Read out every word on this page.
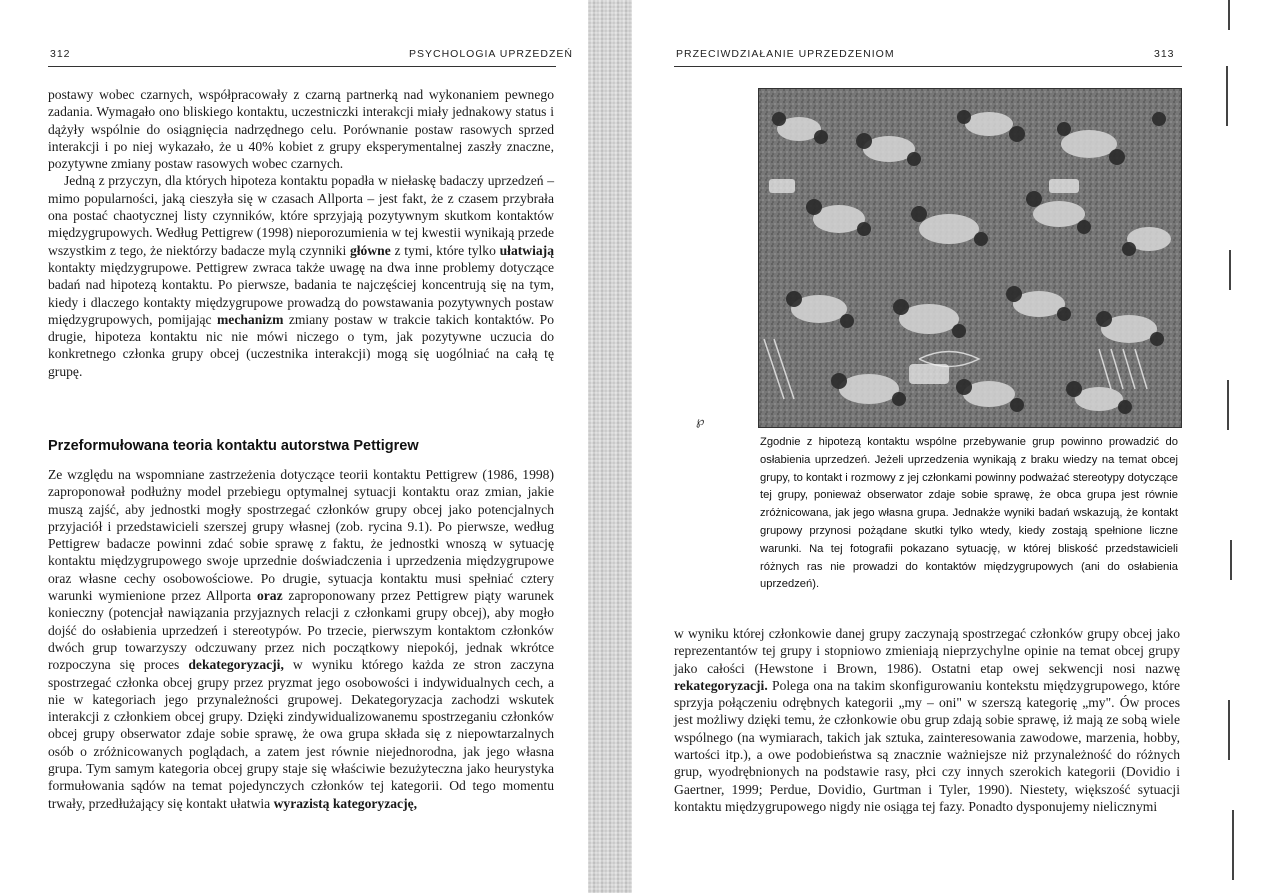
312	PSYCHOLOGIA UPRZEDZEŃ

postawy wobec czarnych, współpracowały z czarną partnerką nad wykonaniem pewnego zadania. Wymagało ono bliskiego kontaktu, uczestniczki interakcji miały jednakowy status i dążyły wspólnie do osiągnięcia nadrzędnego celu. Porównanie postaw rasowych sprzed interakcji i po niej wykazało, że u 40% kobiet z grupy eksperymentalnej zaszły znaczne, pozytywne zmiany postaw rasowych wobec czarnych.

Jedną z przyczyn, dla których hipoteza kontaktu popadła w niełaskę badaczy uprzedzeń – mimo popularności, jaką cieszyła się w czasach Allporta – jest fakt, że z czasem przybrała ona postać chaotycznej listy czynników, które sprzyjają pozytywnym skutkom kontaktów międzygrupowych. Według Pettigrew (1998) nieporozumienia w tej kwestii wynikają przede wszystkim z tego, że niektórzy badacze mylą czynniki główne z tymi, które tylko ułatwiają kontakty międzygrupowe. Pettigrew zwraca także uwagę na dwa inne problemy dotyczące badań nad hipotezą kontaktu. Po pierwsze, badania te najczęściej koncentrują się na tym, kiedy i dlaczego kontakty międzygrupowe prowadzą do powstawania pozytywnych postaw międzygrupowych, pomijając mechanizm zmiany postaw w trakcie takich kontaktów. Po drugie, hipoteza kontaktu nic nie mówi niczego o tym, jak pozytywne uczucia do konkretnego członka grupy obcej (uczestnika interakcji) mogą się uogólniać na całą tę grupę.

Przeformułowana teoria kontaktu autorstwa Pettigrew

Ze względu na wspomniane zastrzeżenia dotyczące teorii kontaktu Pettigrew (1986, 1998) zaproponował podłużny model przebiegu optymalnej sytuacji kontaktu oraz zmian, jakie muszą zajść, aby jednostki mogły spostrzegać członków grupy obcej jako potencjalnych przyjaciół i przedstawicieli szerszej grupy własnej (zob. rycina 9.1). Po pierwsze, według Pettigrew badacze powinni zdać sobie sprawę z faktu, że jednostki wnoszą w sytuację kontaktu międzygrupowego swoje uprzednie doświadczenia i uprzedzenia międzygrupowe oraz własne cechy osobowościowe. Po drugie, sytuacja kontaktu musi spełniać cztery warunki wymienione przez Allporta oraz zaproponowany przez Pettigrew piąty warunek konieczny (potencjał nawiązania przyjaznych relacji z członkami grupy obcej), aby mogło dojść do osłabienia uprzedzeń i stereotypów. Po trzecie, pierwszym kontaktom członków dwóch grup towarzyszy odczuwany przez nich początkowy niepokój, jednak wkrótce rozpoczyna się proces dekategoryzacji, w wyniku którego każda ze stron zaczyna spostrzegać członka obcej grupy przez pryzmat jego osobowości i indywidualnych cech, a nie w kategoriach jego przynależności grupowej. Dekategoryzacja zachodzi wskutek interakcji z członkiem obcej grupy. Dzięki zindywidualizowanemu spostrzeganiu członków obcej grupy obserwator zdaje sobie sprawę, że owa grupa składa się z niepowtarzalnych osób o zróżnicowanych poglądach, a zatem jest równie niejednorodna, jak jego własna grupa. Tym samym kategoria obcej grupy staje się właściwie bezużyteczna jako heurystyka formułowania sądów na temat pojedynczych członków tej kategorii. Od tego momentu trwały, przedłużający się kontakt ułatwia wyrazistą kategoryzację,

PRZECIWDZIAŁANIE UPRZEDZENIOM	313
℘
Zgodnie z hipotezą kontaktu wspólne przebywanie grup powinno prowadzić do osłabienia uprzedzeń. Jeżeli uprzedzenia wynikają z braku wiedzy na temat obcej grupy, to kontakt i rozmowy z jej członkami powinny podważać stereotypy dotyczące tej grupy, ponieważ obserwator zdaje sobie sprawę, że obca grupa jest równie zróżnicowana, jak jego własna grupa. Jednakże wyniki badań wskazują, że kontakt grupowy przynosi pożądane skutki tylko wtedy, kiedy zostają spełnione liczne warunki. Na tej fotografii pokazano sytuację, w której bliskość przedstawicieli różnych ras nie prowadzi do kontaktów międzygrupowych (ani do osłabienia uprzedzeń).

w wyniku której członkowie danej grupy zaczynają spostrzegać członków grupy obcej jako reprezentantów tej grupy i stopniowo zmieniają nieprzychylne opinie na temat obcej grupy jako całości (Hewstone i Brown, 1986). Ostatni etap owej sekwencji nosi nazwę rekategoryzacji. Polega ona na takim skonfigurowaniu kontekstu międzygrupowego, które sprzyja połączeniu odrębnych kategorii „my – oni" w szerszą kategorię „my". Ów proces jest możliwy dzięki temu, że członkowie obu grup zdają sobie sprawę, iż mają ze sobą wiele wspólnego (na wymiarach, takich jak sztuka, zainteresowania zawodowe, marzenia, hobby, wartości itp.), a owe podobieństwa są znacznie ważniejsze niż przynależność do różnych grup, wyodrębnionych na podstawie rasy, płci czy innych szerokich kategorii (Dovidio i Gaertner, 1999; Perdue, Dovidio, Gurtman i Tyler, 1990). Niestety, większość sytuacji kontaktu międzygrupowego nigdy nie osiąga tej fazy. Ponadto dysponujemy nielicznymi
